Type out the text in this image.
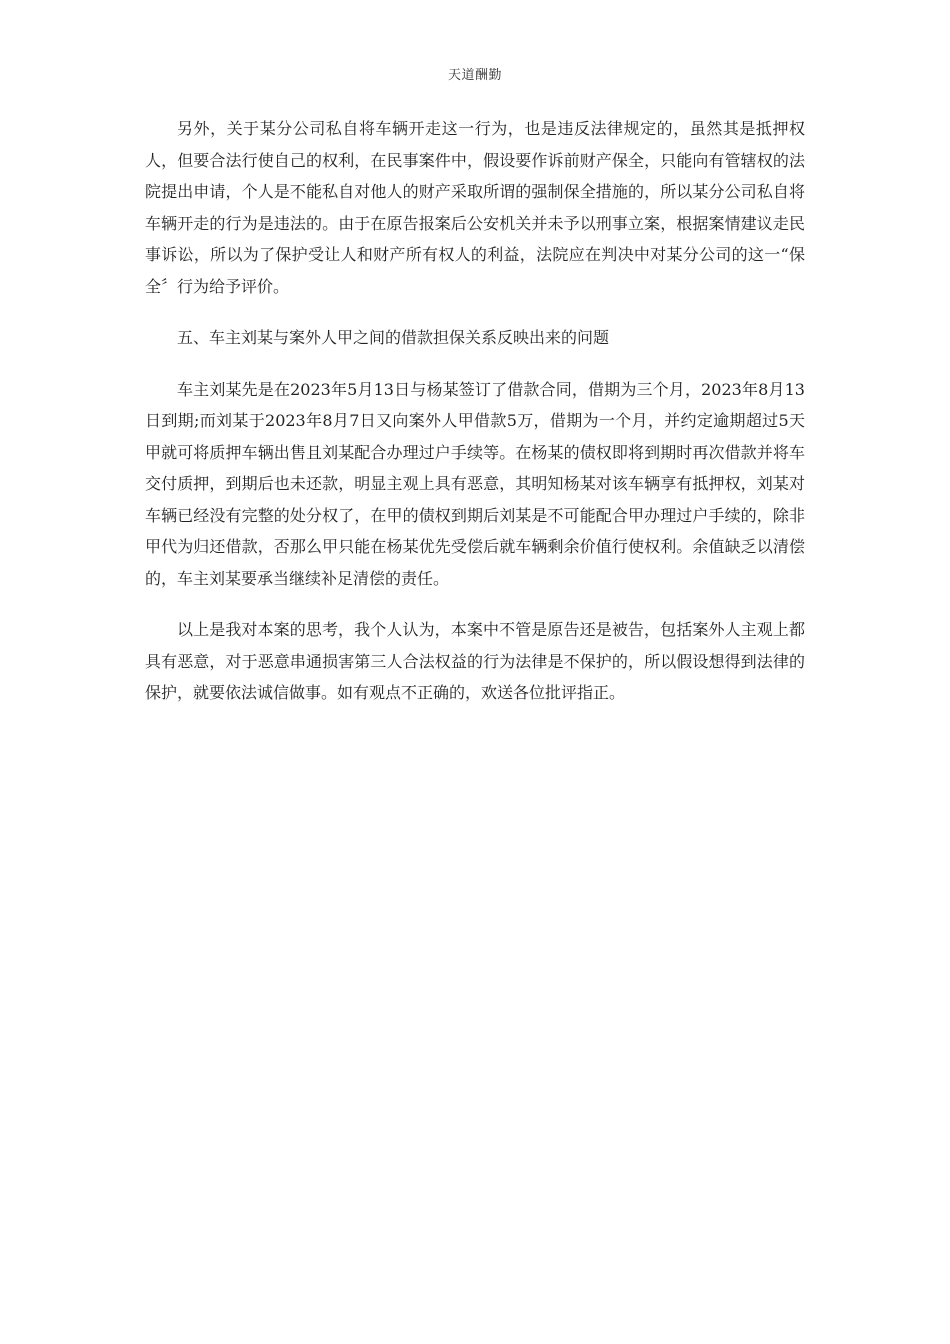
天道酬勤

另外，关于某分公司私自将车辆开走这一行为，也是违反法律规定的，虽然其是抵押权人，但要合法行使自己的权利，在民事案件中，假设要作诉前财产保全，只能向有管辖权的法院提出申请，个人是不能私自对他人的财产采取所谓的强制保全措施的，所以某分公司私自将车辆开走的行为是违法的。由于在原告报案后公安机关并未予以刑事立案，根据案情建议走民事诉讼，所以为了保护受让人和财产所有权人的利益，法院应在判决中对某分公司的这一“保全〞行为给予评价。

五、车主刘某与案外人甲之间的借款担保关系反映出来的问题

车主刘某先是在2023年5月13日与杨某签订了借款合同，借期为三个月，2023年8月13日到期;而刘某于2023年8月7日又向案外人甲借款5万，借期为一个月，并约定逾期超过5天甲就可将质押车辆出售且刘某配合办理过户手续等。在杨某的债权即将到期时再次借款并将车交付质押，到期后也未还款，明显主观上具有恶意，其明知杨某对该车辆享有抵押权，刘某对车辆已经没有完整的处分权了，在甲的债权到期后刘某是不可能配合甲办理过户手续的，除非甲代为归还借款，否那么甲只能在杨某优先受偿后就车辆剩余价值行使权利。余值缺乏以清偿的，车主刘某要承当继续补足清偿的责任。

以上是我对本案的思考，我个人认为，本案中不管是原告还是被告，包括案外人主观上都具有恶意，对于恶意串通损害第三人合法权益的行为法律是不保护的，所以假设想得到法律的保护，就要依法诚信做事。如有观点不正确的，欢送各位批评指正。
